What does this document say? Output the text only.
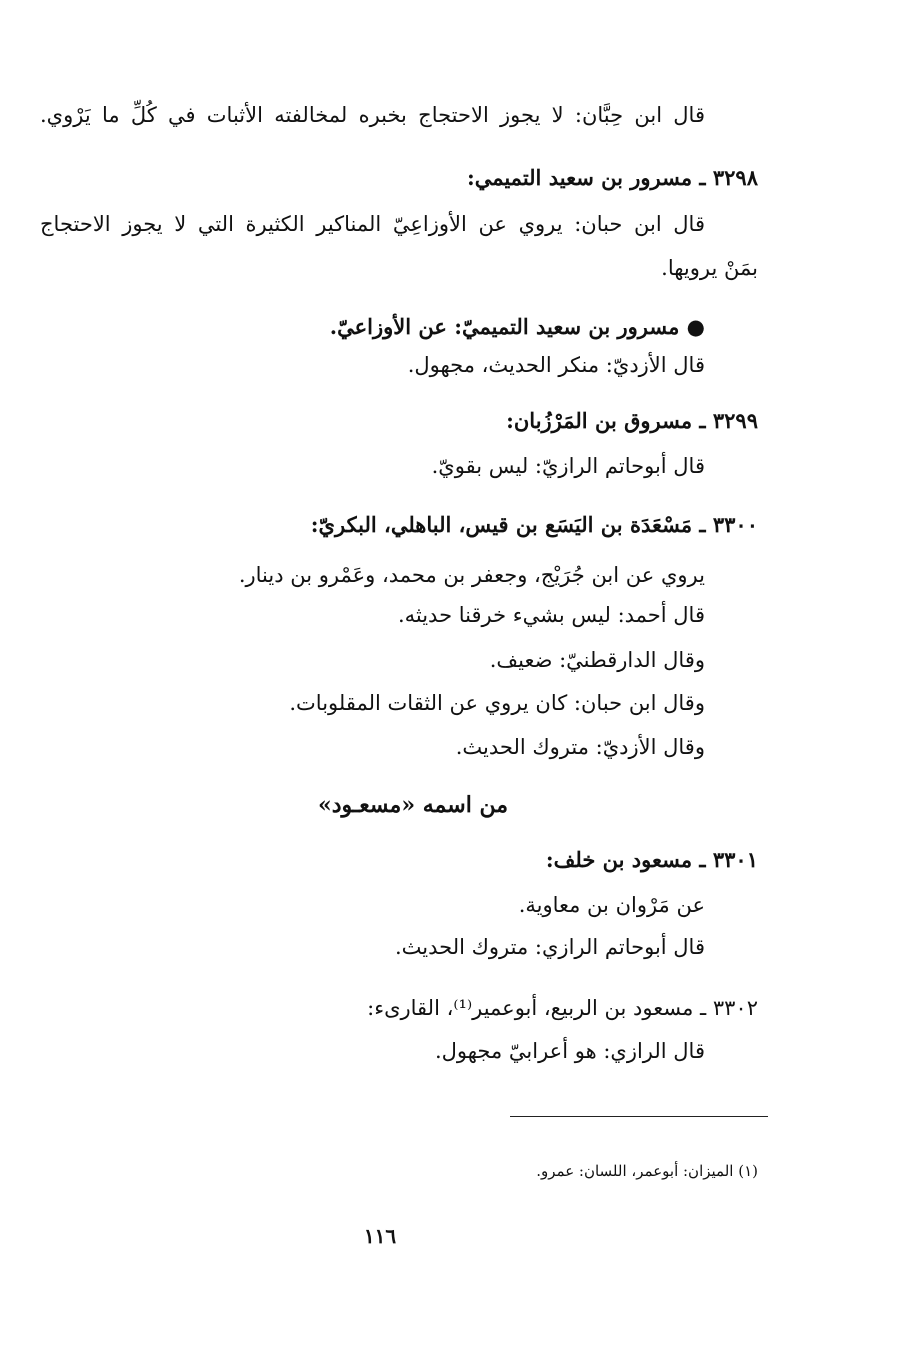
قال ابن حِبَّان: لا يجوز الاحتجاج بخبره لمخالفته الأثبات في كُلِّ ما يَرْوي.
٣٢٩٨ ـ مسرور بن سعيد التميمي:
قال ابن حبان: يروي عن الأوزاعِيّ المناكير الكثيرة التي لا يجوز الاحتجاج
بمَنْ يرويها.
● مسرور بن سعيد التميميّ: عن الأوزاعيّ.
قال الأزديّ: منكر الحديث، مجهول.
٣٢٩٩ ـ مسروق بن المَرْزُبان:
قال أبوحاتم الرازيّ: ليس بقويّ.
٣٣٠٠ ـ مَسْعَدَة بن اليَسَع بن قيس، الباهلي، البكريّ:
يروي عن ابن جُرَيْج، وجعفر بن محمد، وعَمْرو بن دينار.
قال أحمد: ليس بشيء خرقنا حديثه.
وقال الدارقطنيّ: ضعيف.
وقال ابن حبان: كان يروي عن الثقات المقلوبات.
وقال الأزديّ: متروك الحديث.
من اسمه «مسعـود»
٣٣٠١ ـ مسعود بن خلف:
عن مَرْوان بن معاوية.
قال أبوحاتم الرازي: متروك الحديث.
٣٣٠٢ ـ مسعود بن الربيع، أبوعمير⁽¹⁾، القارىء:
قال الرازي: هو أعرابيّ مجهول.
(١) الميزان: أبوعمر، اللسان: عمرو.
١١٦
